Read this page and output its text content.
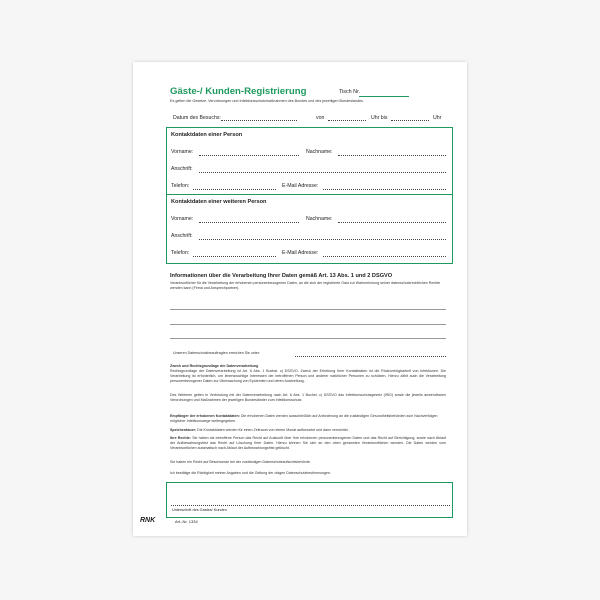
Gäste-/ Kunden-Registrierung	Tisch Nr.
Es gelten die Gesetze, Verordnungen und Infektionsschutzmaßnahmen des Bundes und des jeweiligen Bundeslandes.
Datum des Besuchs:	von	Uhr bis	Uhr
Kontaktdaten einer Person
Vorname:	Nachname:
Anschrift:
Telefon:	E-Mail Adresse:
Kontaktdaten einer weiteren Person
Vorname:	Nachname:
Anschrift:
Telefon:	E-Mail Adresse:
Informationen über die Verarbeitung Ihrer Daten gemäß Art. 13 Abs. 1 und 2 DSGVO
Verantwortlicher für die Verarbeitung der erhobenen personenbezogenen Daten, an die sich der registrierte Gast zur Wahrnehmung seiner datenschutzrechtlichen Rechte wenden kann (Firma und Ansprechpartner).
Unseren Datenschutzbeauftragten erreichen Sie unter:
Zweck und Rechtsgrundlage der Datenverarbeitung
Rechtsgrundlage der Datenverarbeitung ist Art. 6 Abs. 1 Buchst. c) DSGVO. Zweck der Erhebung Ihrer Kontaktdaten ist die Rückverfolgbarkeit von Infektionen. Die Verarbeitung ist erforderlich, um lebenswichtige Interessen der betroffenen Person und anderer natürlicher Personen zu schützen. Hierzu zählt auch die Verarbeitung personenbezogener Daten zur Überwachung von Epidemien und deren Ausbreitung.
Des Weiteren gelten in Verbindung mit der Datenverarbeitung nach Art. 6 Abs. 1 Buchst. c) DSGVO das Infektionsschutzgesetz (IfSG) sowie die jeweils anwendbaren Verordnungen und Maßnahmen der jeweiligen Bundesländer zum Infektionsschutz.
Empfänger der erhobenen Kontaktdaten: Die erhobenen Daten werden ausschließlich auf Anforderung an die zuständigen Gesundheitsbehörden zum Nachverfolgen möglicher Infektionswege weitergegeben.
Speicherdauer: Die Kontaktdaten werden für einen Zeitraum von einem Monat aufbewahrt und dann vernichtet.
Ihre Rechte: Sie haben als betroffene Person das Recht auf Auskunft über Ihre erhobenen personenbezogenen Daten und das Recht auf Berichtigung, sowie nach Ablauf der Aufbewahrungsfrist das Recht auf Löschung Ihrer Daten. Hierzu können Sie sich an den oben genannten Verantwortlichen wenden. Die Daten werden vom Verantwortlichen automatisch nach Ablauf der Aufbewahrungsfrist gelöscht.
Sie haben ein Recht auf Beschwerde bei der zuständigen Datenschutzaufsichtsbehörde.
Ich bestätige die Richtigkeit meiner Angaben und die Geltung der obigen Datenschutzbestimmungen.
Unterschrift des Gastes/ Kunden
RNK	Art.-Nr. 1334
